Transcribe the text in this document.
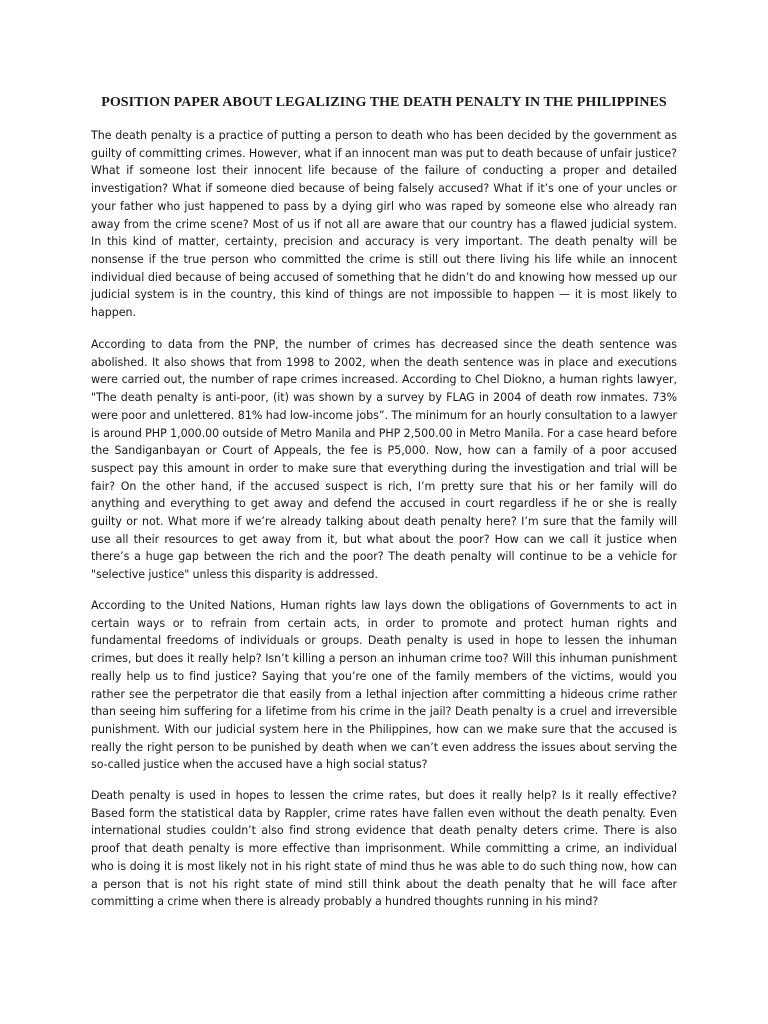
POSITION PAPER ABOUT LEGALIZING THE DEATH PENALTY IN THE PHILIPPINES

The death penalty is a practice of putting a person to death who has been decided by the government as guilty of committing crimes. However, what if an innocent man was put to death because of unfair justice? What if someone lost their innocent life because of the failure of conducting a proper and detailed investigation? What if someone died because of being falsely accused? What if it’s one of your uncles or your father who just happened to pass by a dying girl who was raped by someone else who already ran away from the crime scene? Most of us if not all are aware that our country has a flawed judicial system. In this kind of matter, certainty, precision and accuracy is very important. The death penalty will be nonsense if the true person who committed the crime is still out there living his life while an innocent individual died because of being accused of something that he didn’t do and knowing how messed up our judicial system is in the country, this kind of things are not impossible to happen — it is most likely to happen.

According to data from the PNP, the number of crimes has decreased since the death sentence was abolished. It also shows that from 1998 to 2002, when the death sentence was in place and executions were carried out, the number of rape crimes increased. According to Chel Diokno, a human rights lawyer, "The death penalty is anti-poor, (it) was shown by a survey by FLAG in 2004 of death row inmates. 73% were poor and unlettered. 81% had low-income jobs”. The minimum for an hourly consultation to a lawyer is around PHP 1,000.00 outside of Metro Manila and PHP 2,500.00 in Metro Manila. For a case heard before the Sandiganbayan or Court of Appeals, the fee is P5,000. Now, how can a family of a poor accused suspect pay this amount in order to make sure that everything during the investigation and trial will be fair? On the other hand, if the accused suspect is rich, I’m pretty sure that his or her family will do anything and everything to get away and defend the accused in court regardless if he or she is really guilty or not. What more if we’re already talking about death penalty here? I’m sure that the family will use all their resources to get away from it, but what about the poor? How can we call it justice when there’s a huge gap between the rich and the poor? The death penalty will continue to be a vehicle for "selective justice" unless this disparity is addressed.

According to the United Nations, Human rights law lays down the obligations of Governments to act in certain ways or to refrain from certain acts, in order to promote and protect human rights and fundamental freedoms of individuals or groups. Death penalty is used in hope to lessen the inhuman crimes, but does it really help? Isn’t killing a person an inhuman crime too? Will this inhuman punishment really help us to find justice? Saying that you’re one of the family members of the victims, would you rather see the perpetrator die that easily from a lethal injection after committing a hideous crime rather than seeing him suffering for a lifetime from his crime in the jail? Death penalty is a cruel and irreversible punishment. With our judicial system here in the Philippines, how can we make sure that the accused is really the right person to be punished by death when we can’t even address the issues about serving the so-called justice when the accused have a high social status?

Death penalty is used in hopes to lessen the crime rates, but does it really help? Is it really effective? Based form the statistical data by Rappler, crime rates have fallen even without the death penalty. Even international studies couldn’t also find strong evidence that death penalty deters crime. There is also proof that death penalty is more effective than imprisonment. While committing a crime, an individual who is doing it is most likely not in his right state of mind thus he was able to do such thing now, how can a person that is not his right state of mind still think about the death penalty that he will face after committing a crime when there is already probably a hundred thoughts running in his mind?
